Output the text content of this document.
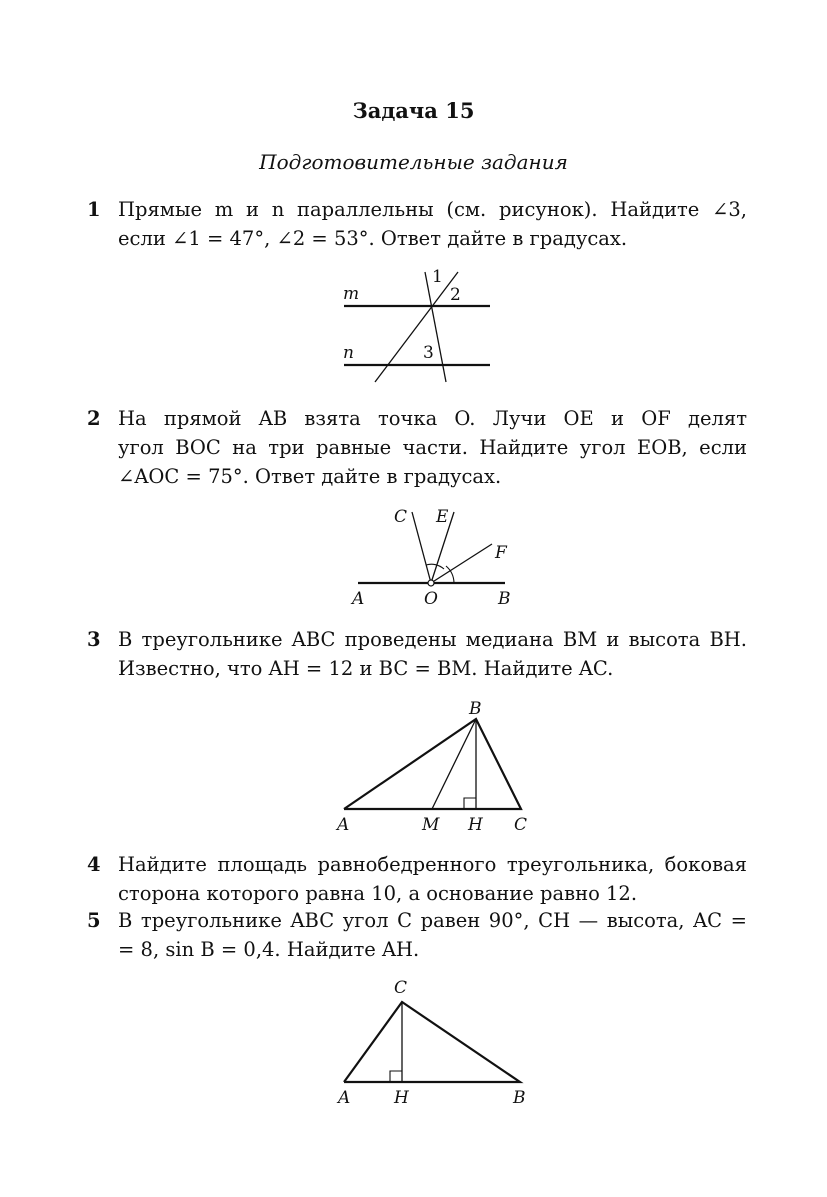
Задача 15
Подготовительные задания
1 Прямые m и n параллельны (см. рисунок). Найдите ∠3,
если ∠1 = 47°, ∠2 = 53°. Ответ дайте в градусах.
m
n
1
2
3
2 На прямой AB взята точка O. Лучи OE и OF делят
угол BOC на три равные части. Найдите угол EOB, если
∠AOC = 75°. Ответ дайте в градусах.
A	O	B
C E
F
3 В треугольнике ABC проведены медиана BM и высота BH.
Известно, что AH = 12 и BC = BM. Найдите AC.
A
B
C
M H
4 Найдите площадь равнобедренного треугольника, боковая
сторона которого равна 10, а основание равно 12.
5 В треугольнике ABC угол C равен 90°, CH — высота, AC =
= 8, sin B = 0,4. Найдите AH.
A	H	B
C
